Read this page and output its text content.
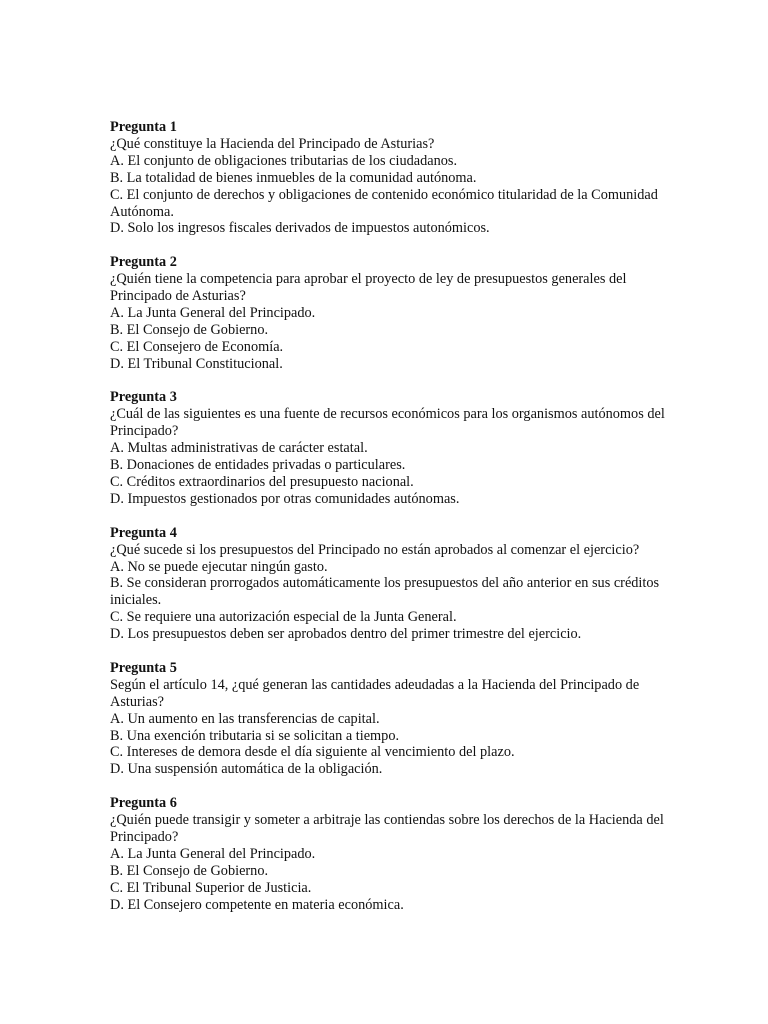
Pregunta 1
¿Qué constituye la Hacienda del Principado de Asturias?
A. El conjunto de obligaciones tributarias de los ciudadanos.
B. La totalidad de bienes inmuebles de la comunidad autónoma.
C. El conjunto de derechos y obligaciones de contenido económico titularidad de la Comunidad Autónoma.
D. Solo los ingresos fiscales derivados de impuestos autonómicos.
Pregunta 2
¿Quién tiene la competencia para aprobar el proyecto de ley de presupuestos generales del Principado de Asturias?
A. La Junta General del Principado.
B. El Consejo de Gobierno.
C. El Consejero de Economía.
D. El Tribunal Constitucional.
Pregunta 3
¿Cuál de las siguientes es una fuente de recursos económicos para los organismos autónomos del Principado?
A. Multas administrativas de carácter estatal.
B. Donaciones de entidades privadas o particulares.
C. Créditos extraordinarios del presupuesto nacional.
D. Impuestos gestionados por otras comunidades autónomas.
Pregunta 4
¿Qué sucede si los presupuestos del Principado no están aprobados al comenzar el ejercicio?
A. No se puede ejecutar ningún gasto.
B. Se consideran prorrogados automáticamente los presupuestos del año anterior en sus créditos iniciales.
C. Se requiere una autorización especial de la Junta General.
D. Los presupuestos deben ser aprobados dentro del primer trimestre del ejercicio.
Pregunta 5
Según el artículo 14, ¿qué generan las cantidades adeudadas a la Hacienda del Principado de Asturias?
A. Un aumento en las transferencias de capital.
B. Una exención tributaria si se solicitan a tiempo.
C. Intereses de demora desde el día siguiente al vencimiento del plazo.
D. Una suspensión automática de la obligación.
Pregunta 6
¿Quién puede transigir y someter a arbitraje las contiendas sobre los derechos de la Hacienda del Principado?
A. La Junta General del Principado.
B. El Consejo de Gobierno.
C. El Tribunal Superior de Justicia.
D. El Consejero competente en materia económica.
